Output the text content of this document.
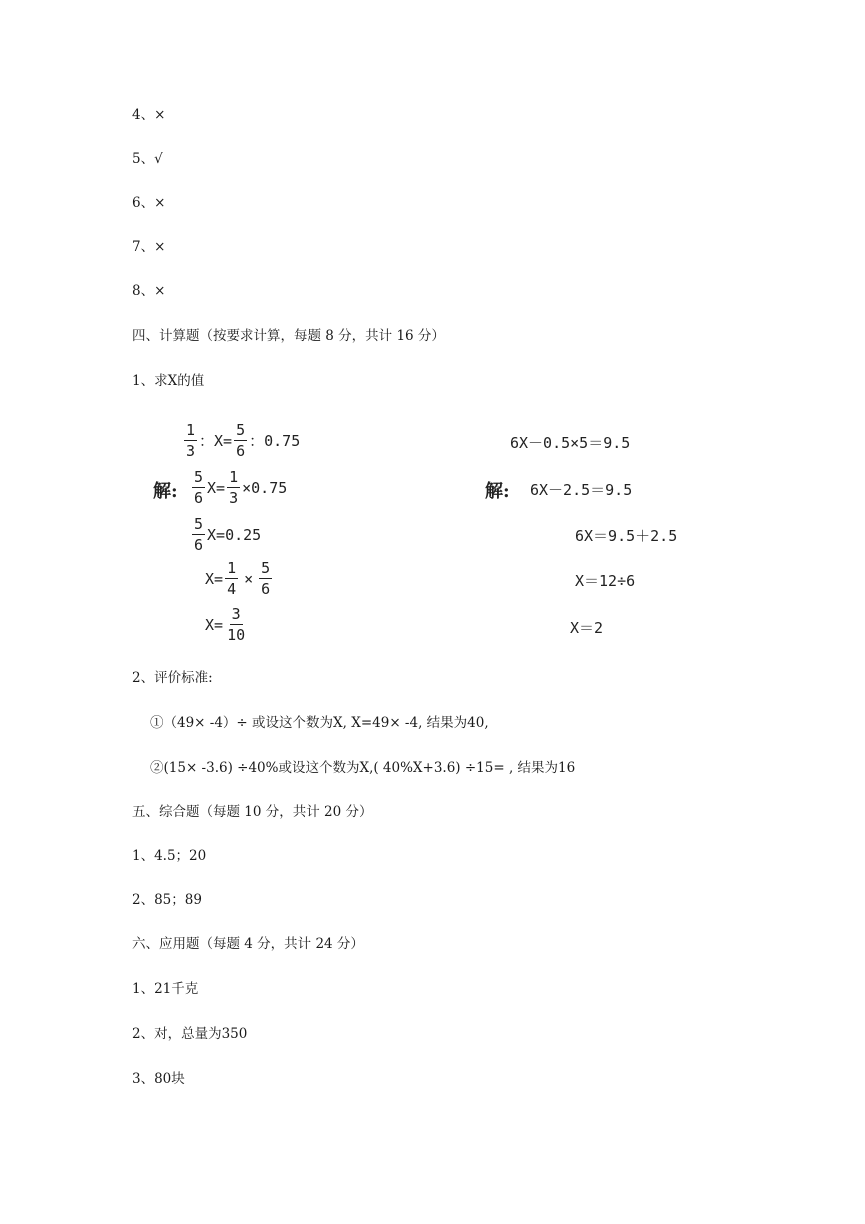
4、×
5、√
6、×
7、×
8、×
四、计算题（按要求计算，每题 8 分，共计 16 分）
1、求X的值
$\frac{1}{3}$ ：$X= \frac{5}{6}$ ：0.75
解: $\frac{5}{6} X= \frac{1}{3} \times 0.75$
$\frac{5}{6} X=0.25$
$X= \frac{1}{4} \times \frac{5}{6}$
$X= \frac{3}{10}$
6X－0.5×5＝9.5
解: 6X－2.5＝9.5
6X＝9.5＋2.5
X＝12÷6
X＝2
2、评价标准:
①（49× -4）÷ 或设这个数为X, X=49× -4, 结果为40,
②(15× -3.6) ÷40%或设这个数为X,( 40%X+3.6) ÷15= , 结果为16
五、综合题（每题 10 分，共计 20 分）
1、4.5；20
2、85；89
六、应用题（每题 4 分，共计 24 分）
1、21千克
2、对，总量为350
3、80块
